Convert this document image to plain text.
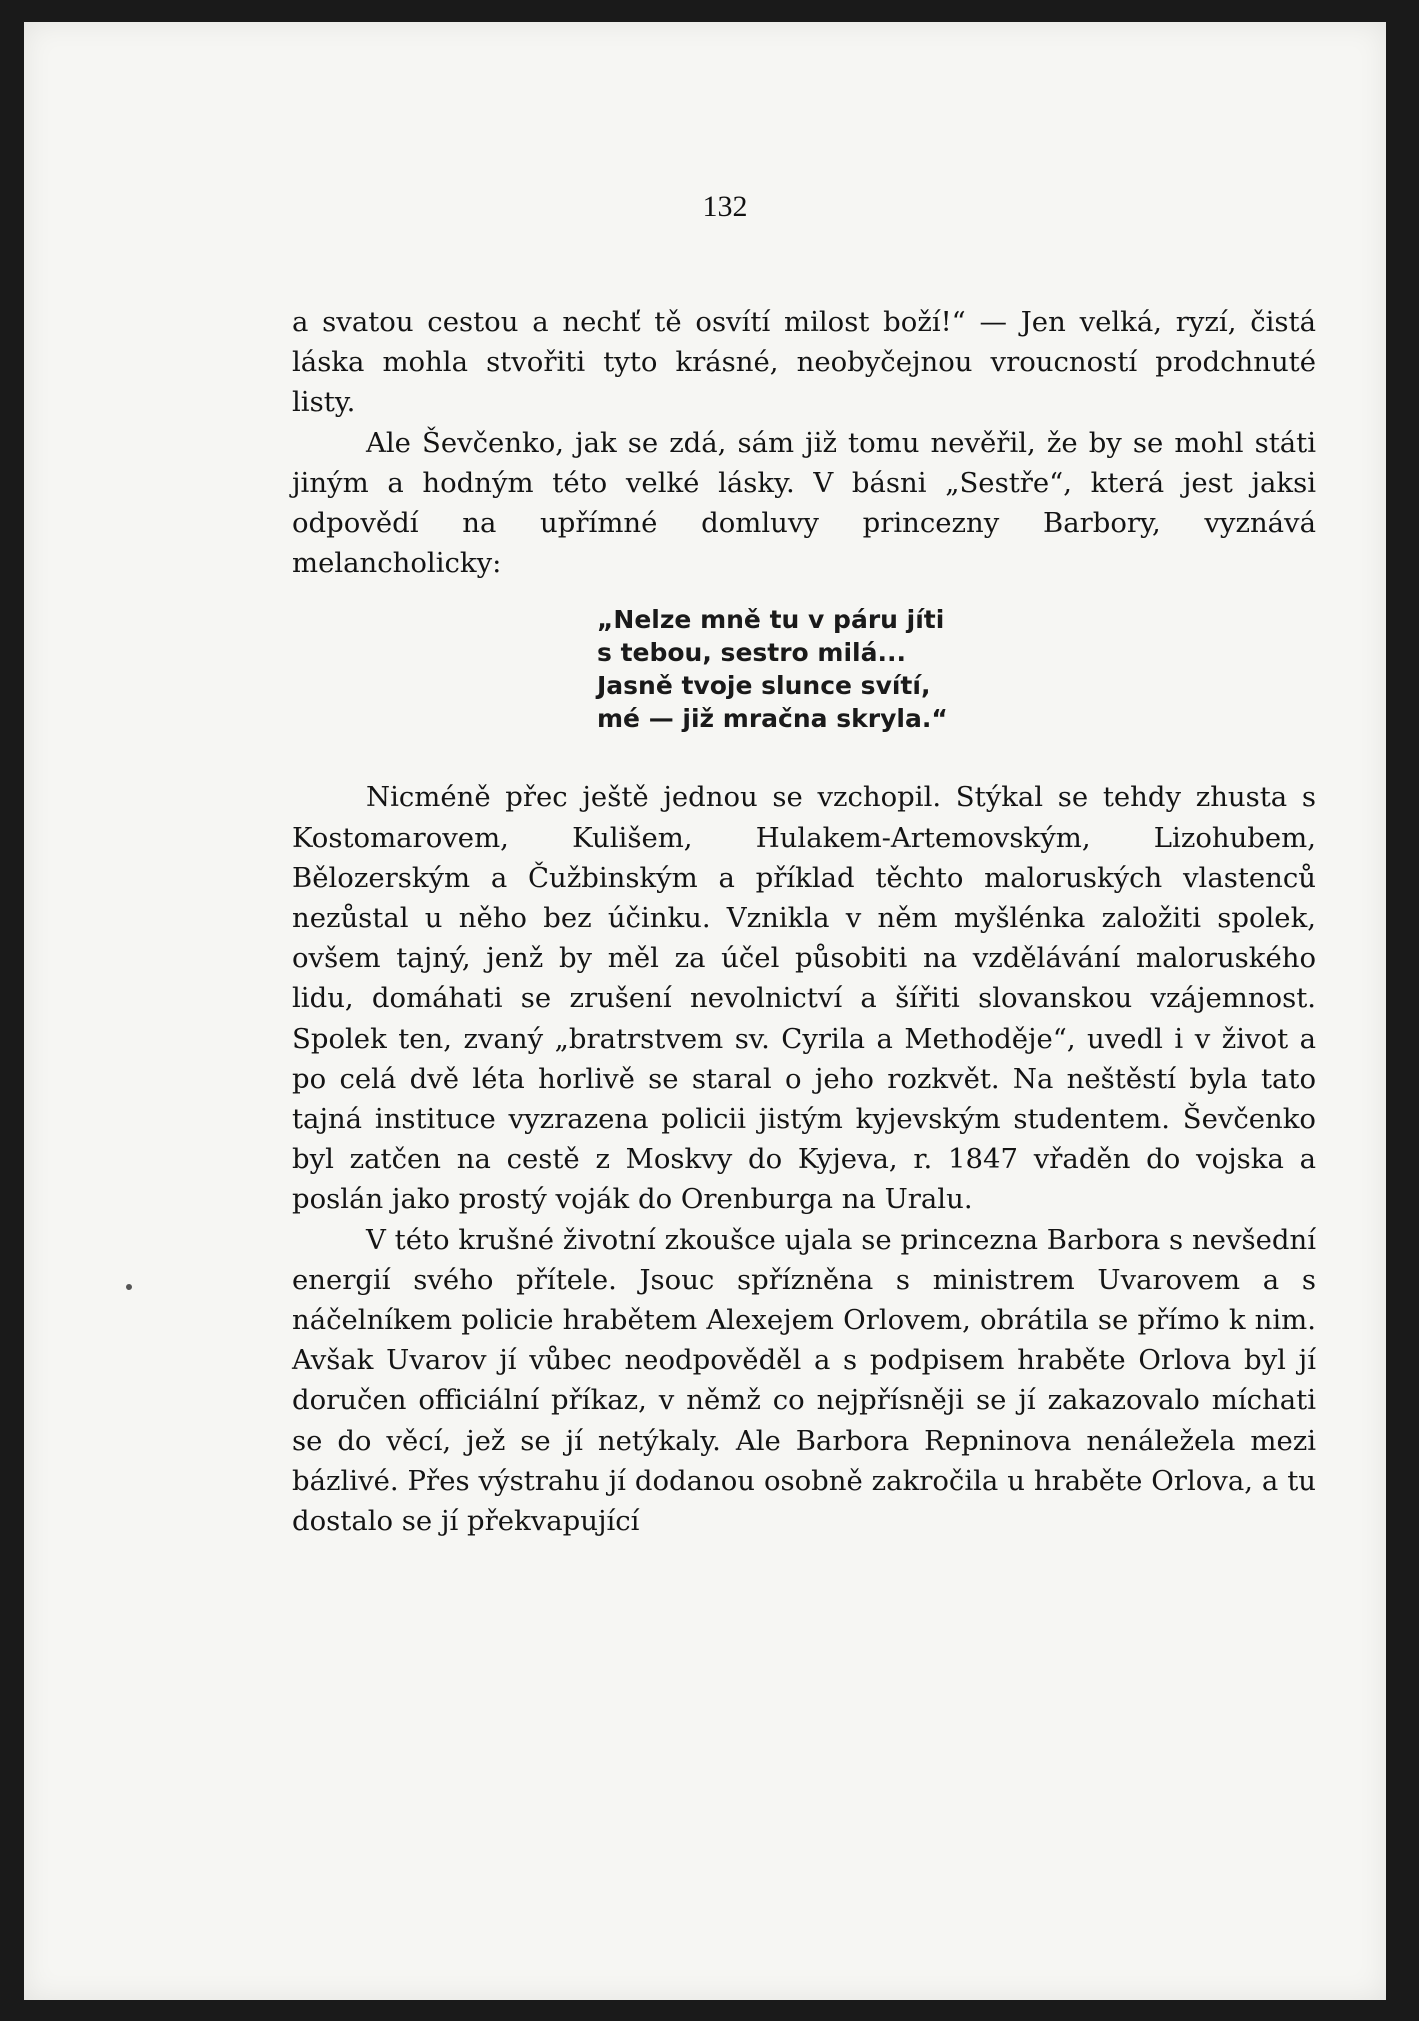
132

a svatou cestou a nechť tě osvítí milost boží!“ — Jen velká, ryzí, čistá láska mohla stvořiti tyto krásné, neobyčejnou vroucností prodchnuté listy.

Ale Ševčenko, jak se zdá, sám již tomu nevěřil, že by se mohl státi jiným a hodným této velké lásky. V básni „Sestře“, která jest jaksi odpovědí na upřímné domluvy princezny Barbory, vyznává melancholicky:

„Nelze mně tu v páru jíti
s tebou, sestro milá...
Jasně tvoje slunce svítí,
mé — již mračna skryla.“

Nicméně přec ještě jednou se vzchopil. Stýkal se tehdy zhusta s Kostomarovem, Kulišem, Hulakem-Artemovským, Lizohubem, Bělozerským a Čužbinským a příklad těchto maloruských vlastenců nezůstal u něho bez účinku. Vznikla v něm myšlénka založiti spolek, ovšem tajný, jenž by měl za účel působiti na vzdělávání maloruského lidu, domáhati se zrušení nevolnictví a šířiti slovanskou vzájemnost. Spolek ten, zvaný „bratrstvem sv. Cyrila a Methoděje“, uvedl i v život a po celá dvě léta horlivě se staral o jeho rozkvět. Na neštěstí byla tato tajná instituce vyzrazena policii jistým kyjevským studentem. Ševčenko byl zatčen na cestě z Moskvy do Kyjeva, r. 1847 vřaděn do vojska a poslán jako prostý voják do Orenburga na Uralu.

V této krušné životní zkoušce ujala se princezna Barbora s nevšední energií svého přítele. Jsouc spřízněna s ministrem Uvarovem a s náčelníkem policie hrabětem Alexejem Orlovem, obrátila se přímo k nim. Avšak Uvarov jí vůbec neodpověděl a s podpisem hraběte Orlova byl jí doručen officiální příkaz, v němž co nejpřísněji se jí zakazovalo míchati se do věcí, jež se jí netýkaly. Ale Barbora Repninova nenáležela mezi bázlivé. Přes výstrahu jí dodanou osobně zakročila u hraběte Orlova, a tu dostalo se jí překvapující
